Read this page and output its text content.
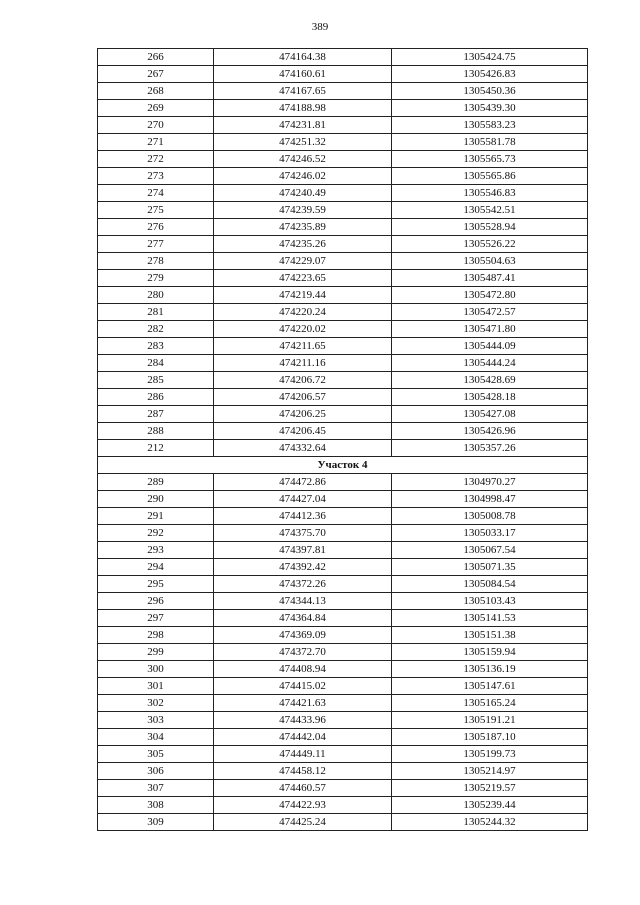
389
266	474164.38	1305424.75
267	474160.61	1305426.83
268	474167.65	1305450.36
269	474188.98	1305439.30
270	474231.81	1305583.23
271	474251.32	1305581.78
272	474246.52	1305565.73
273	474246.02	1305565.86
274	474240.49	1305546.83
275	474239.59	1305542.51
276	474235.89	1305528.94
277	474235.26	1305526.22
278	474229.07	1305504.63
279	474223.65	1305487.41
280	474219.44	1305472.80
281	474220.24	1305472.57
282	474220.02	1305471.80
283	474211.65	1305444.09
284	474211.16	1305444.24
285	474206.72	1305428.69
286	474206.57	1305428.18
287	474206.25	1305427.08
288	474206.45	1305426.96
212	474332.64	1305357.26
Участок 4		
289	474472.86	1304970.27
290	474427.04	1304998.47
291	474412.36	1305008.78
292	474375.70	1305033.17
293	474397.81	1305067.54
294	474392.42	1305071.35
295	474372.26	1305084.54
296	474344.13	1305103.43
297	474364.84	1305141.53
298	474369.09	1305151.38
299	474372.70	1305159.94
300	474408.94	1305136.19
301	474415.02	1305147.61
302	474421.63	1305165.24
303	474433.96	1305191.21
304	474442.04	1305187.10
305	474449.11	1305199.73
306	474458.12	1305214.97
307	474460.57	1305219.57
308	474422.93	1305239.44
309	474425.24	1305244.32
